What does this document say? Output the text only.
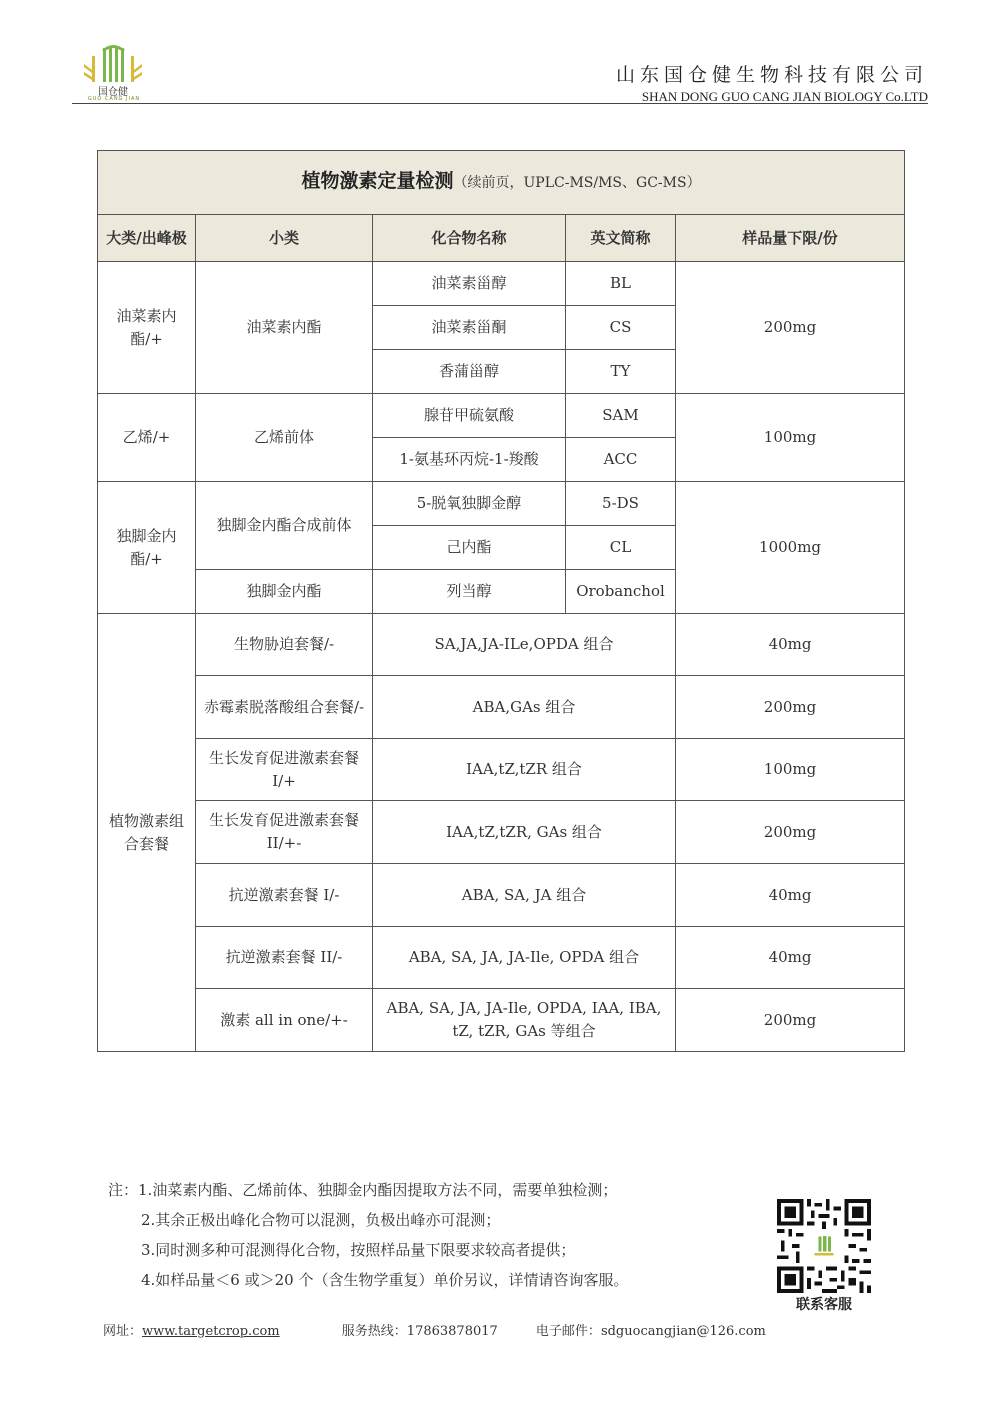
国仓健
GUO CANG JIAN
山东国仓健生物科技有限公司
SHAN DONG GUO CANG JIAN BIOLOGY Co.LTD
植物激素定量检测（续前页，UPLC-MS/MS、GC-MS）				
大类/出峰极	小类	化合物名称	英文简称	样品量下限/份
油菜素内酯/+	油菜素内酯	油菜素甾醇	BL	200mg
		油菜素甾酮	CS	
		香蒲甾醇	TY	
乙烯/+	乙烯前体	腺苷甲硫氨酸	SAM	100mg
		1-氨基环丙烷-1-羧酸	ACC	
独脚金内酯/+	独脚金内酯合成前体	5-脱氧独脚金醇	5-DS	1000mg
		己内酯	CL	
	独脚金内酯	列当醇	Orobanchol	
植物激素组合套餐	生物胁迫套餐/-	SA,JA,JA-ILe,OPDA 组合		40mg
	赤霉素脱落酸组合套餐/-	ABA,GAs 组合		200mg
	生长发育促进激素套餐 I/+	IAA,tZ,tZR 组合		100mg
	生长发育促进激素套餐 II/+-	IAA,tZ,tZR, GAs 组合		200mg
	抗逆激素套餐 I/-	ABA, SA, JA 组合		40mg
	抗逆激素套餐 II/-	ABA, SA, JA, JA-Ile, OPDA 组合		40mg
	激素 all in one/+-	ABA, SA, JA, JA-Ile, OPDA, IAA, IBA, tZ, tZR, GAs 等组合		200mg
注：1.油菜素内酯、乙烯前体、独脚金内酯因提取方法不同，需要单独检测；
2.其余正极出峰化合物可以混测，负极出峰亦可混测；
3.同时测多种可混测得化合物，按照样品量下限要求较高者提供；
4.如样品量＜6 或＞20 个（含生物学重复）单价另议，详情请咨询客服。
联系客服
网址：www.targetcrop.com	服务热线：17863878017	电子邮件：sdguocangjian@126.com
